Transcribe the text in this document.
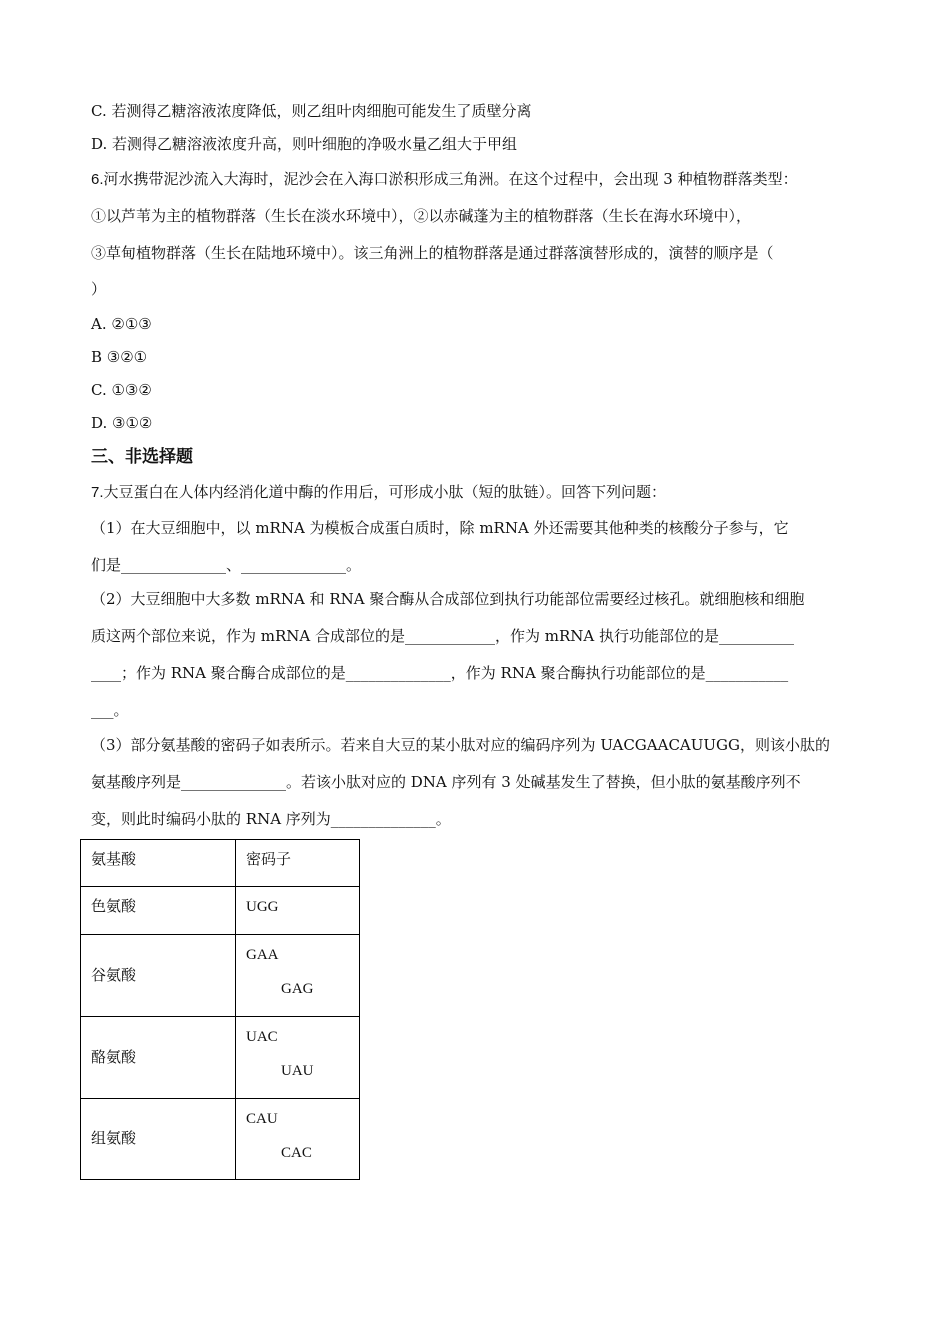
C. 若测得乙糖溶液浓度降低，则乙组叶肉细胞可能发生了质壁分离
D. 若测得乙糖溶液浓度升高，则叶细胞的净吸水量乙组大于甲组
6.河水携带泥沙流入大海时，泥沙会在入海口淤积形成三角洲。在这个过程中，会出现 3 种植物群落类型：
①以芦苇为主的植物群落（生长在淡水环境中），②以赤碱蓬为主的植物群落（生长在海水环境中），
③草甸植物群落（生长在陆地环境中）。该三角洲上的植物群落是通过群落演替形成的，演替的顺序是（
）
A. ②①③
B ③②①
C. ①③②
D. ③①②
三、非选择题
7.大豆蛋白在人体内经消化道中酶的作用后，可形成小肽（短的肽链）。回答下列问题：
（1）在大豆细胞中，以 mRNA 为模板合成蛋白质时，除 mRNA 外还需要其他种类的核酸分子参与，它
们是______________、______________。
（2）大豆细胞中大多数 mRNA 和 RNA 聚合酶从合成部位到执行功能部位需要经过核孔。就细胞核和细胞
质这两个部位来说，作为 mRNA 合成部位的是____________，作为 mRNA 执行功能部位的是__________
____；作为 RNA 聚合酶合成部位的是______________，作为 RNA 聚合酶执行功能部位的是___________
___。
（3）部分氨基酸的密码子如表所示。若来自大豆的某小肽对应的编码序列为 UACGAACAUUGG，则该小肽的
氨基酸序列是______________。若该小肽对应的 DNA 序列有 3 处碱基发生了替换，但小肽的氨基酸序列不
变，则此时编码小肽的 RNA 序列为______________。
氨基酸	密码子

色氨酸	UGG

谷氨酸	GAA
GAG

酪氨酸	UAC
UAU

组氨酸	CAU
CAC
